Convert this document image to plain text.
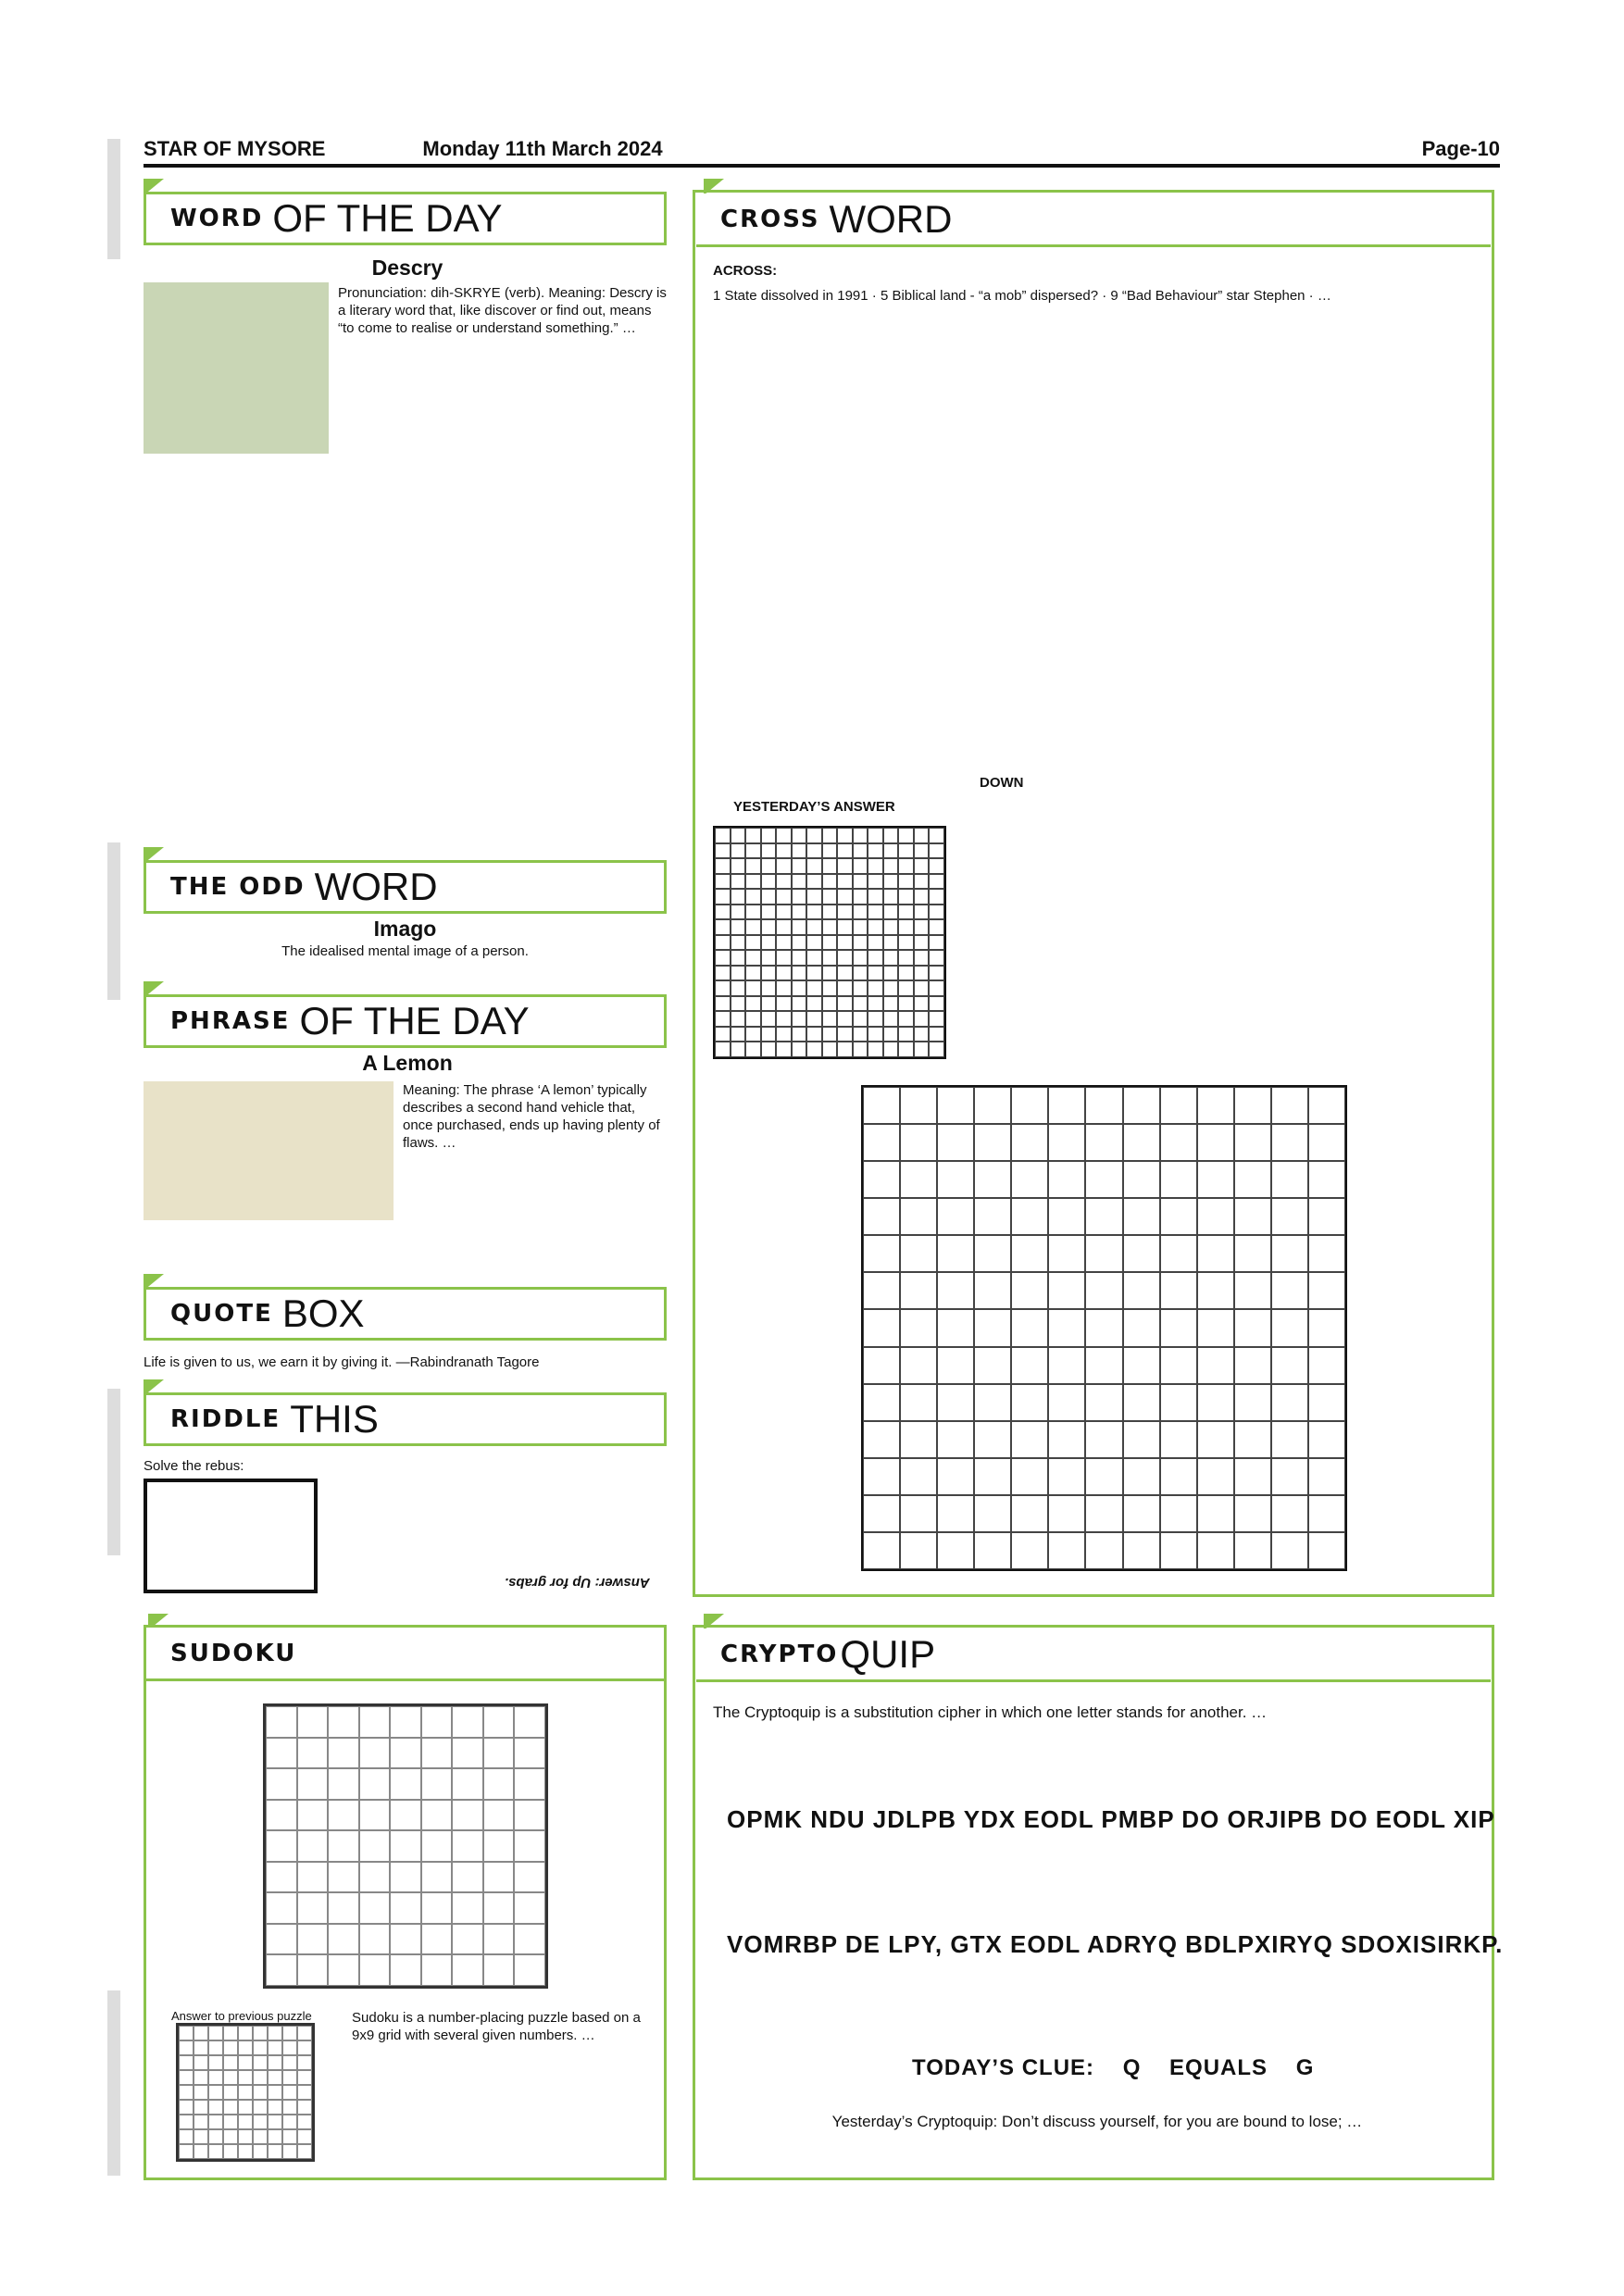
STAR OF MYSORE	Monday 11th March 2024	Page-10
WORD OF THE DAY
Descry
Pronunciation: dih-SKRYE (verb). Meaning: Descry is a literary word that, like discover or find out, means “to come to realise or understand something.” …
THE ODD WORD
Imago
The idealised mental image of a person.
PHRASE OF THE DAY
A Lemon
Meaning: The phrase ‘A lemon’ typically describes a second hand vehicle that, once purchased, ends up having plenty of flaws. …
QUOTE BOX
Life is given to us, we earn it by giving it. —Rabindranath Tagore
RIDDLE THIS
Solve the rebus:
Answer: Up for grabs.
CROSS WORD
ACROSS:
1 State dissolved in 1991 · 5 Biblical land - “a mob” dispersed? · 9 “Bad Behaviour” star Stephen · …
DOWN
YESTERDAY’S ANSWER
SUDOKU
Answer to previous puzzle	Sudoku is a number-placing puzzle based on a 9x9 grid with several given numbers. …
CRYPTO QUIP
The Cryptoquip is a substitution cipher in which one letter stands for another. …
OPMK NDU JDLPB YDX EODL PMBP DO ORJIPB DO EODL XIP
VOMRBP DE LPY, GTX EODL ADRYQ BDLPXIRYQ SDOXISIRKP.
TODAY’S CLUE:    Q    EQUALS    G
Yesterday’s Cryptoquip: Don’t discuss yourself, for you are bound to lose; …
